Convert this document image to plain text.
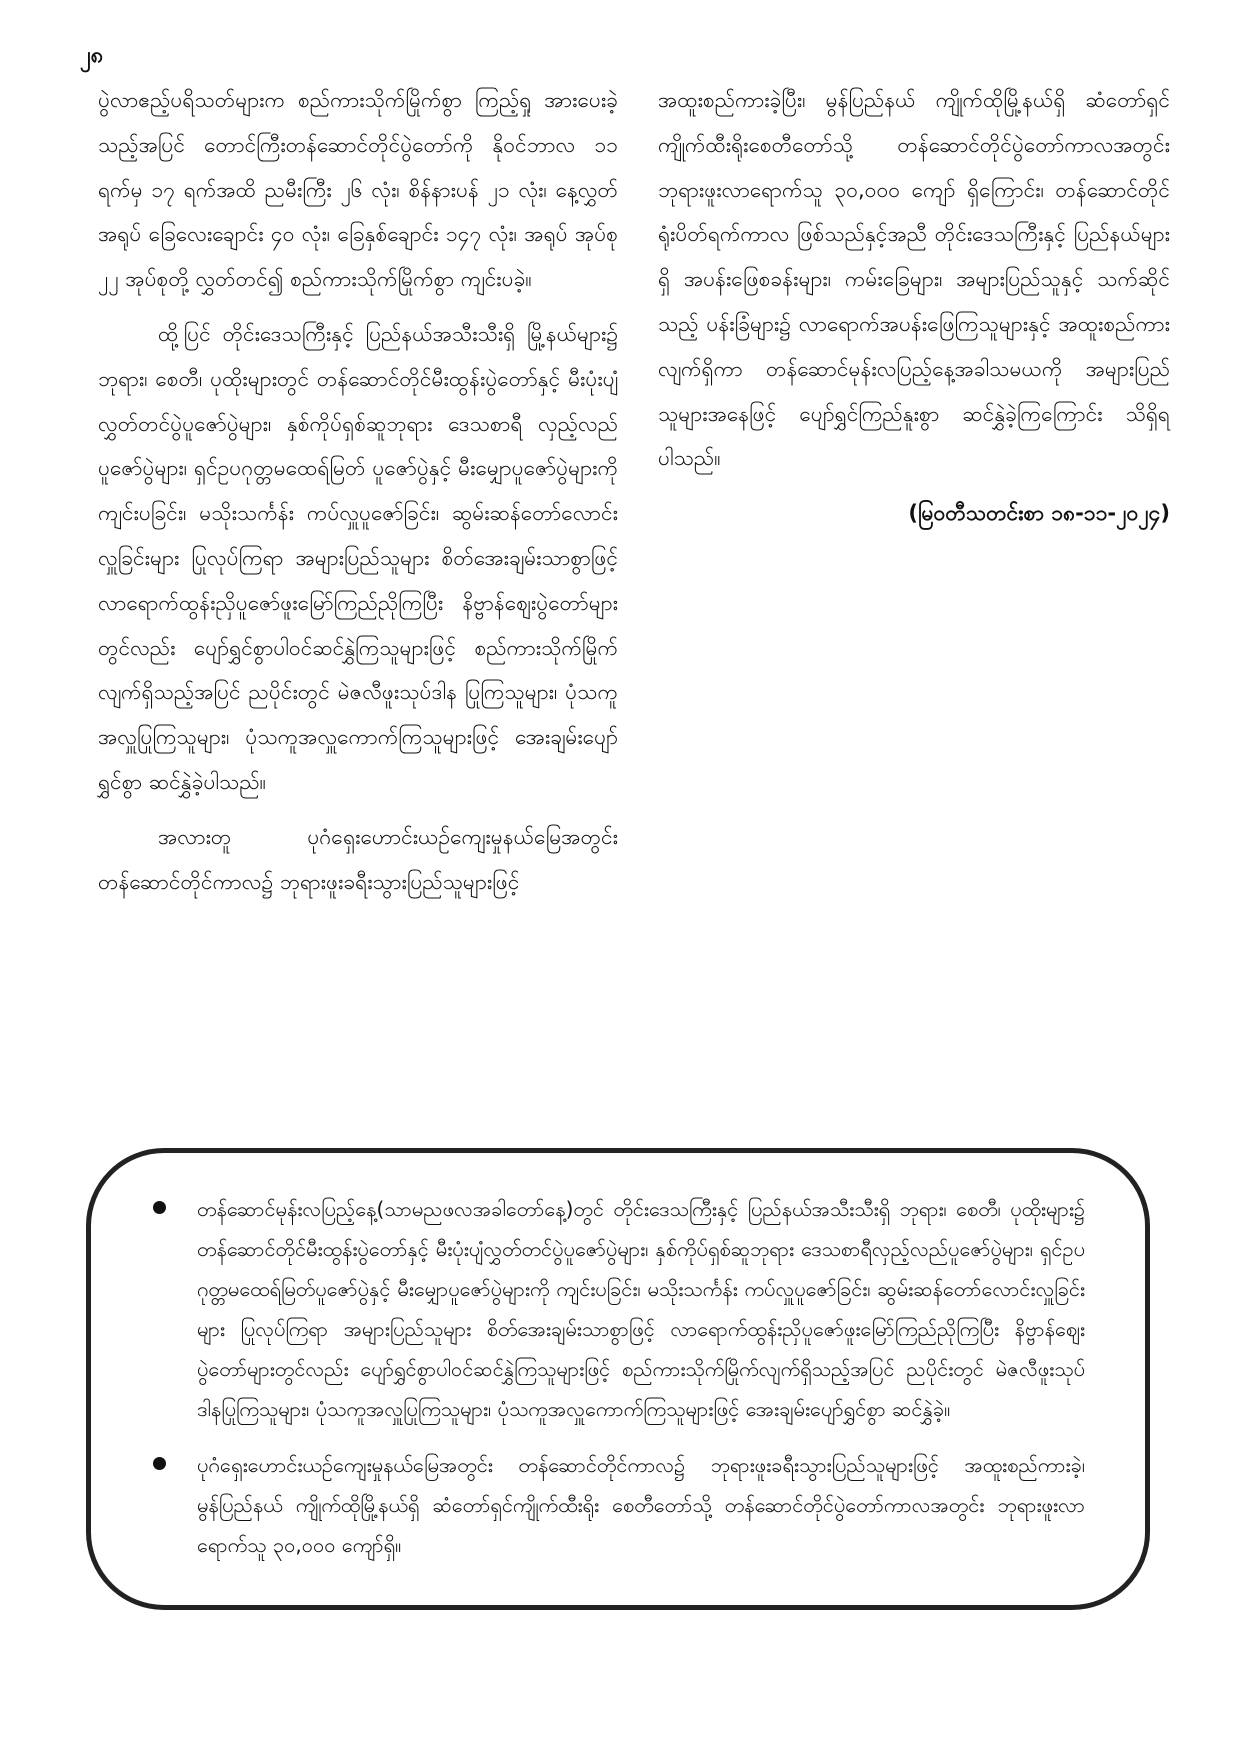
၂၈

ပွဲလာဧည့်ပရိသတ်များက စည်ကားသိုက်မြိုက်စွာ ကြည့်ရှု အားပေးခဲ့သည့်အပြင် တောင်ကြီးတန်ဆောင်တိုင်ပွဲတော်ကို နိုဝင်ဘာလ ၁၁ ရက်မှ ၁၇ ရက်အထိ ညမီးကြီး ၂၆ လုံး၊ စိန်နားပန် ၂၁ လုံး၊ နေ့လွှတ်အရုပ် ခြေလေးချောင်း ၄၀ လုံး၊ ခြေနှစ်ချောင်း ၁၄၇ လုံး၊ အရုပ် အုပ်စု ၂၂ အုပ်စုတို့ လွှတ်တင်၍ စည်ကားသိုက်မြိုက်စွာ ကျင်းပခဲ့။

ထို့ပြင် တိုင်းဒေသကြီးနှင့် ပြည်နယ်အသီးသီးရှိ မြို့နယ်များ၌ ဘုရား၊ စေတီ၊ ပုထိုးများတွင် တန်ဆောင်တိုင်မီးထွန်းပွဲတော်နှင့် မီးပုံးပျံလွှတ်တင်ပွဲပူဇော်ပွဲများ၊ နှစ်ကိုပ်ရှစ်ဆူဘုရား ဒေသစာရီ လှည့်လည်ပူဇော်ပွဲများ၊ ရှင်ဥပဂုတ္တမထေရ်မြတ် ပူဇော်ပွဲနှင့် မီးမျှောပူဇော်ပွဲများကို ကျင်းပခြင်း၊ မသိုးသင်္ကန်း ကပ်လှူပူဇော်ခြင်း၊ ဆွမ်းဆန်တော်လောင်းလှူခြင်းများ ပြုလုပ်ကြရာ အများပြည်သူများ စိတ်အေးချမ်းသာစွာဖြင့် လာရောက်ထွန်းညှိပူဇော်ဖူးမြော်ကြည်ညိုကြပြီး နိဗ္ဗာန်ဈေးပွဲတော်များတွင်လည်း ပျော်ရွှင်စွာပါဝင်ဆင်နွှဲကြသူများဖြင့် စည်ကားသိုက်မြိုက်လျက်ရှိသည့်အပြင် ညပိုင်းတွင် မဲဇလီဖူးသုပ်ဒါန ပြုကြသူများ၊ ပုံသကူအလှူပြုကြသူများ၊ ပုံသကူအလှူကောက်ကြသူများဖြင့် အေးချမ်းပျော်ရွှင်စွာ ဆင်နွှဲခဲ့ပါသည်။

အလားတူ ပုဂံရှေးဟောင်းယဉ်ကျေးမှုနယ်မြေအတွင်း တန်ဆောင်တိုင်ကာလ၌ ဘုရားဖူးခရီးသွားပြည်သူများဖြင့်

အထူးစည်ကားခဲ့ပြီး၊ မွန်ပြည်နယ် ကျိုက်ထိုမြို့နယ်ရှိ ဆံတော်ရှင်ကျိုက်ထီးရိုးစေတီတော်သို့ တန်ဆောင်တိုင်ပွဲတော်ကာလအတွင်း ဘုရားဖူးလာရောက်သူ ၃၀,၀၀၀ ကျော် ရှိကြောင်း၊ တန်ဆောင်တိုင် ရုံးပိတ်ရက်ကာလ ဖြစ်သည်နှင့်အညီ တိုင်းဒေသကြီးနှင့် ပြည်နယ်များရှိ အပန်းဖြေစခန်းများ၊ ကမ်းခြေများ၊ အများပြည်သူနှင့် သက်ဆိုင်သည့် ပန်းခြံများ၌ လာရောက်အပန်းဖြေကြသူများနှင့် အထူးစည်ကားလျက်ရှိကာ တန်ဆောင်မုန်းလပြည့်နေ့အခါသမယကို အများပြည်သူများအနေဖြင့် ပျော်ရွှင်ကြည်နူးစွာ ဆင်နွှဲခဲ့ကြကြောင်း သိရှိရပါသည်။

(မြဝတီသတင်းစာ ၁၈-၁၁-၂၀၂၄)
တန်ဆောင်မုန်းလပြည့်နေ့(သာမညဖလအခါတော်နေ့)တွင် တိုင်းဒေသကြီးနှင့် ပြည်နယ်အသီးသီးရှိ ဘုရား၊ စေတီ၊ ပုထိုးများ၌ တန်ဆောင်တိုင်မီးထွန်းပွဲတော်နှင့် မီးပုံးပျံလွှတ်တင်ပွဲပူဇော်ပွဲများ၊ နှစ်ကိုပ်ရှစ်ဆူဘုရား ဒေသစာရီလှည့်လည်ပူဇော်ပွဲများ၊ ရှင်ဥပဂုတ္တမထေရ်မြတ်ပူဇော်ပွဲနှင့် မီးမျှောပူဇော်ပွဲများကို ကျင်းပခြင်း၊ မသိုးသင်္ကန်း ကပ်လှူပူဇော်ခြင်း၊ ဆွမ်းဆန်တော်လောင်းလှူခြင်းများ ပြုလုပ်ကြရာ အများပြည်သူများ စိတ်အေးချမ်းသာစွာဖြင့် လာရောက်ထွန်းညှိပူဇော်ဖူးမြော်ကြည်ညိုကြပြီး နိဗ္ဗာန်ဈေးပွဲတော်များတွင်လည်း ပျော်ရွှင်စွာပါဝင်ဆင်နွှဲကြသူများဖြင့် စည်ကားသိုက်မြိုက်လျက်ရှိသည့်အပြင် ညပိုင်းတွင် မဲဇလီဖူးသုပ်ဒါနပြုကြသူများ၊ ပုံသကူအလှူပြုကြသူများ၊ ပုံသကူအလှူကောက်ကြသူများဖြင့် အေးချမ်းပျော်ရွှင်စွာ ဆင်နွှဲခဲ့။
ပုဂံရှေးဟောင်းယဉ်ကျေးမှုနယ်မြေအတွင်း တန်ဆောင်တိုင်ကာလ၌ ဘုရားဖူးခရီးသွားပြည်သူများဖြင့် အထူးစည်ကားခဲ့၊ မွန်ပြည်နယ် ကျိုက်ထိုမြို့နယ်ရှိ ဆံတော်ရှင်ကျိုက်ထီးရိုး စေတီတော်သို့ တန်ဆောင်တိုင်ပွဲတော်ကာလအတွင်း ဘုရားဖူးလာရောက်သူ ၃၀,၀၀၀ ကျော်ရှိ။
